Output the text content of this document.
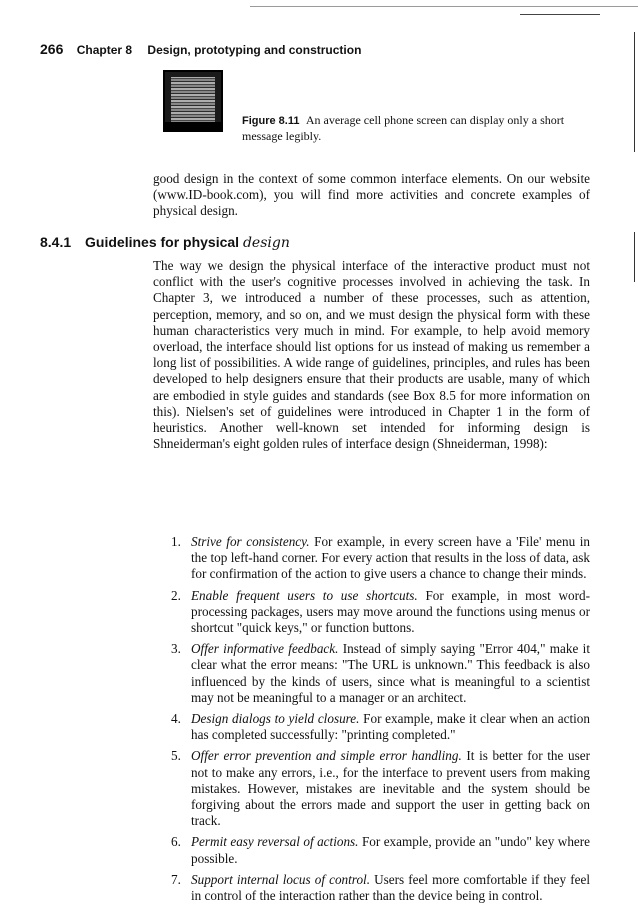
266 Chapter 8 Design, prototyping and construction
Figure 8.11 An average cell phone screen can display only a short message legibly.

good design in the context of some common interface elements. On our website (www.ID-book.com), you will find more activities and concrete examples of physical design.

8.4.1 Guidelines for physical design

The way we design the physical interface of the interactive product must not conflict with the user's cognitive processes involved in achieving the task. In Chapter 3, we introduced a number of these processes, such as attention, perception, memory, and so on, and we must design the physical form with these human characteristics very much in mind. For example, to help avoid memory overload, the interface should list options for us instead of making us remember a long list of possibilities. A wide range of guidelines, principles, and rules has been developed to help designers ensure that their products are usable, many of which are embodied in style guides and standards (see Box 8.5 for more information on this). Nielsen's set of guidelines were introduced in Chapter 1 in the form of heuristics. Another well-known set intended for informing design is Shneiderman's eight golden rules of interface design (Shneiderman, 1998):

1. Strive for consistency. For example, in every screen have a 'File' menu in the top left-hand corner. For every action that results in the loss of data, ask for confirmation of the action to give users a chance to change their minds.
2. Enable frequent users to use shortcuts. For example, in most word-processing packages, users may move around the functions using menus or shortcut "quick keys," or function buttons.
3. Offer informative feedback. Instead of simply saying "Error 404," make it clear what the error means: "The URL is unknown." This feedback is also influenced by the kinds of users, since what is meaningful to a scientist may not be meaningful to a manager or an architect.
4. Design dialogs to yield closure. For example, make it clear when an action has completed successfully: "printing completed."
5. Offer error prevention and simple error handling. It is better for the user not to make any errors, i.e., for the interface to prevent users from making mistakes. However, mistakes are inevitable and the system should be forgiving about the errors made and support the user in getting back on track.
6. Permit easy reversal of actions. For example, provide an "undo" key where possible.
7. Support internal locus of control. Users feel more comfortable if they feel in control of the interaction rather than the device being in control.
